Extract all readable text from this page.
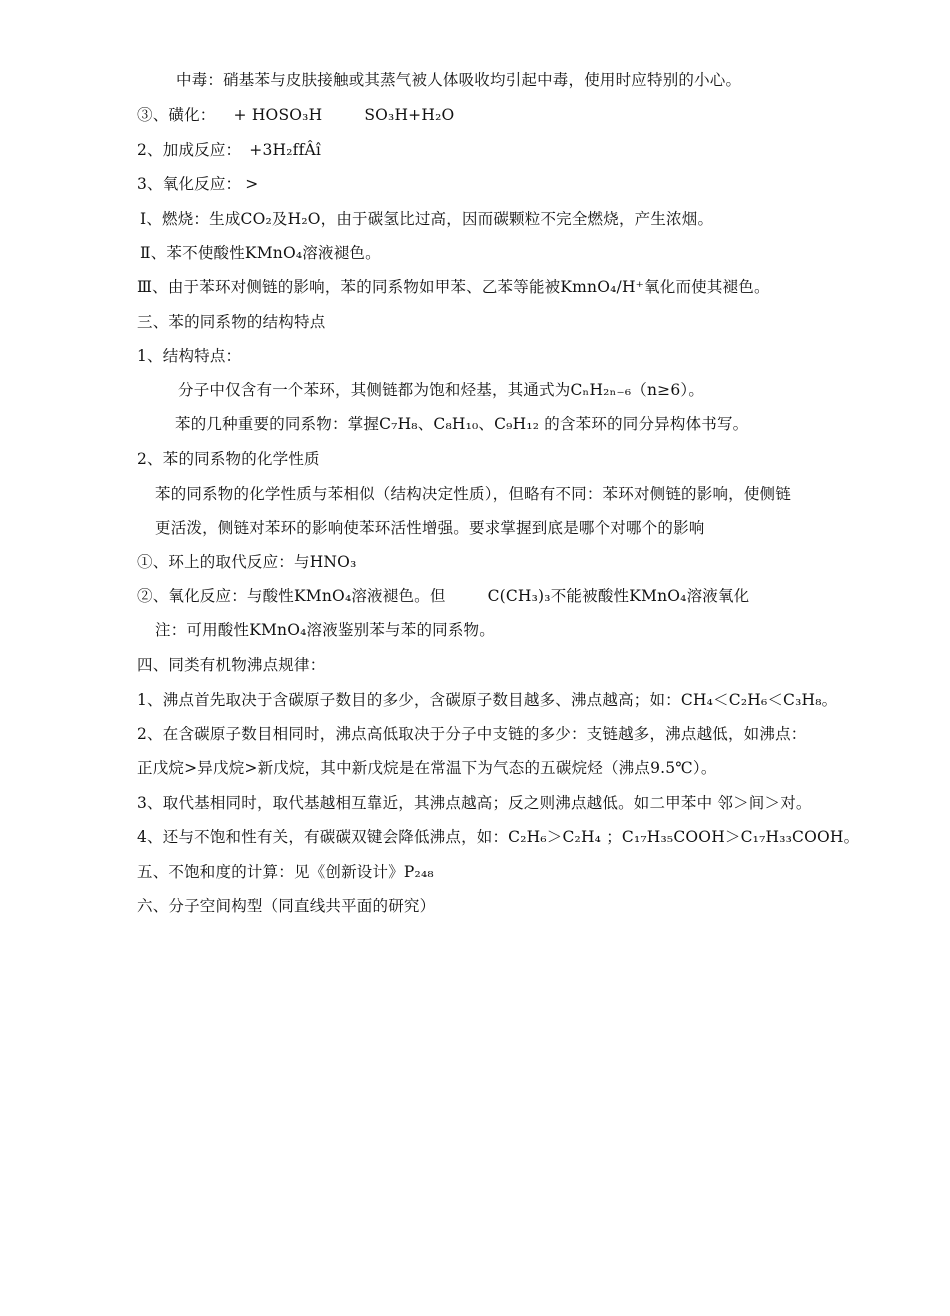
中毒：硝基苯与皮肤接触或其蒸气被人体吸收均引起中毒，使用时应特别的小心。
③、磺化： + HOSO₃H	SO₃H+H₂O
2、加成反应： +3H₂ffÂî
3、氧化反应： >
Ⅰ、燃烧：生成CO₂及H₂O，由于碳氢比过高，因而碳颗粒不完全燃烧，产生浓烟。
Ⅱ、苯不使酸性KMnO₄溶液褪色。
Ⅲ、由于苯环对侧链的影响，苯的同系物如甲苯、乙苯等能被KmnO₄/H⁺氧化而使其褪色。
三、苯的同系物的结构特点
1、结构特点：
分子中仅含有一个苯环，其侧链都为饱和烃基，其通式为CₙH₂ₙ₋₆（n≥6）。
苯的几种重要的同系物：掌握C₇H₈、C₈H₁₀、C₉H₁₂ 的含苯环的同分异构体书写。
2、苯的同系物的化学性质
苯的同系物的化学性质与苯相似（结构决定性质），但略有不同：苯环对侧链的影响，使侧链
更活泼，侧链对苯环的影响使苯环活性增强。要求掌握到底是哪个对哪个的影响
①、环上的取代反应：与HNO₃
②、氧化反应：与酸性KMnO₄溶液褪色。但	C(CH₃)₃不能被酸性KMnO₄溶液氧化
注：可用酸性KMnO₄溶液鉴别苯与苯的同系物。
四、同类有机物沸点规律：
1、沸点首先取决于含碳原子数目的多少，含碳原子数目越多、沸点越高；如：CH₄＜C₂H₆＜C₃H₈。
2、在含碳原子数目相同时，沸点高低取决于分子中支链的多少：支链越多，沸点越低，如沸点：
正戊烷>异戊烷>新戊烷，其中新戊烷是在常温下为气态的五碳烷烃（沸点9.5℃）。
3、取代基相同时，取代基越相互靠近，其沸点越高；反之则沸点越低。如二甲苯中 邻＞间＞对。
4、还与不饱和性有关，有碳碳双键会降低沸点，如：C₂H₆＞C₂H₄ ；C₁₇H₃₅COOH＞C₁₇H₃₃COOH。
五、不饱和度的计算：见《创新设计》P₂₄₈
六、分子空间构型（同直线共平面的研究）
